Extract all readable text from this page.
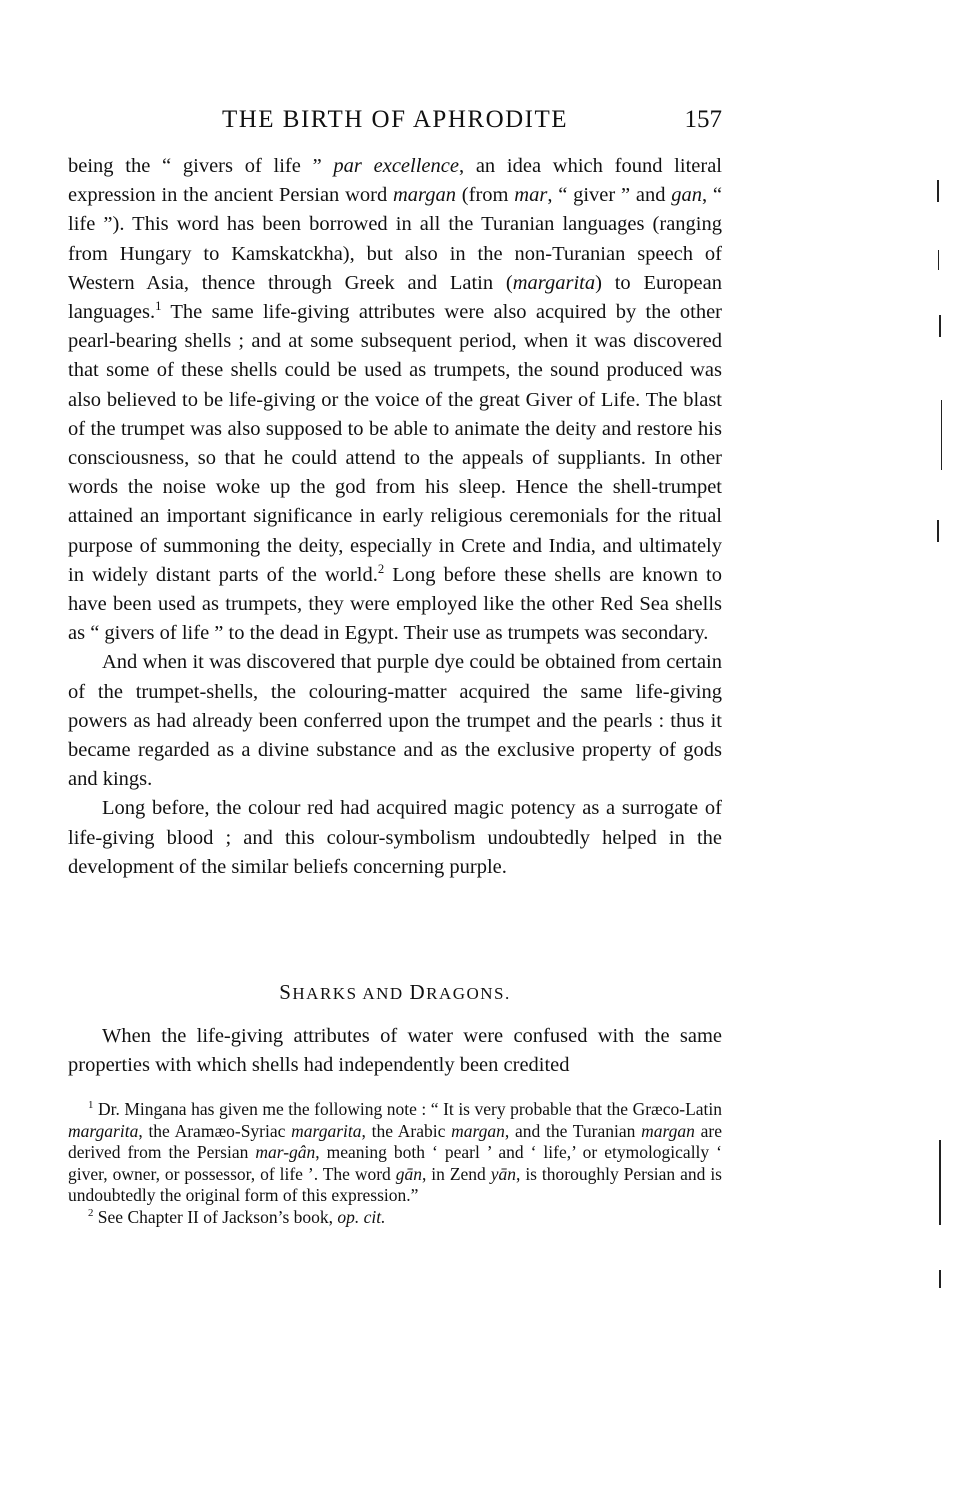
THE BIRTH OF APHRODITE	157

being the “ givers of life ” par excellence, an idea which found literal expression in the ancient Persian word margan (from mar, “ giver ” and gan, “ life ”). This word has been borrowed in all the Turanian languages (ranging from Hungary to Kamskatckha), but also in the non-Turanian speech of Western Asia, thence through Greek and Latin (margarita) to European languages.$^1$ The same life-giving attributes were also acquired by the other pearl-bearing shells ; and at some subsequent period, when it was discovered that some of these shells could be used as trumpets, the sound produced was also believed to be life-giving or the voice of the great Giver of Life. The blast of the trumpet was also supposed to be able to animate the deity and restore his consciousness, so that he could attend to the appeals of suppliants. In other words the noise woke up the god from his sleep. Hence the shell-trumpet attained an important significance in early religious ceremonials for the ritual purpose of summoning the deity, especially in Crete and India, and ultimately in widely distant parts of the world.$^2$ Long before these shells are known to have been used as trumpets, they were employed like the other Red Sea shells as “ givers of life ” to the dead in Egypt. Their use as trumpets was secondary.

And when it was discovered that purple dye could be obtained from certain of the trumpet-shells, the colouring-matter acquired the same life-giving powers as had already been conferred upon the trumpet and the pearls : thus it became regarded as a divine substance and as the exclusive property of gods and kings.

Long before, the colour red had acquired magic potency as a surrogate of life-giving blood ; and this colour-symbolism undoubtedly helped in the development of the similar beliefs concerning purple.

SHARKS AND DRAGONS.

When the life-giving attributes of water were confused with the same properties with which shells had independently been credited

$^1$ Dr. Mingana has given me the following note : “ It is very probable that the Græco-Latin margarita, the Aramæo-Syriac margarita, the Arabic margan, and the Turanian margan are derived from the Persian mar-gân, meaning both ‘ pearl ’ and ‘ life,’ or etymologically ‘ giver, owner, or possessor, of life ’. The word gān, in Zend yān, is thoroughly Persian and is undoubtedly the original form of this expression.”

$^2$ See Chapter II of Jackson’s book, op. cit.
